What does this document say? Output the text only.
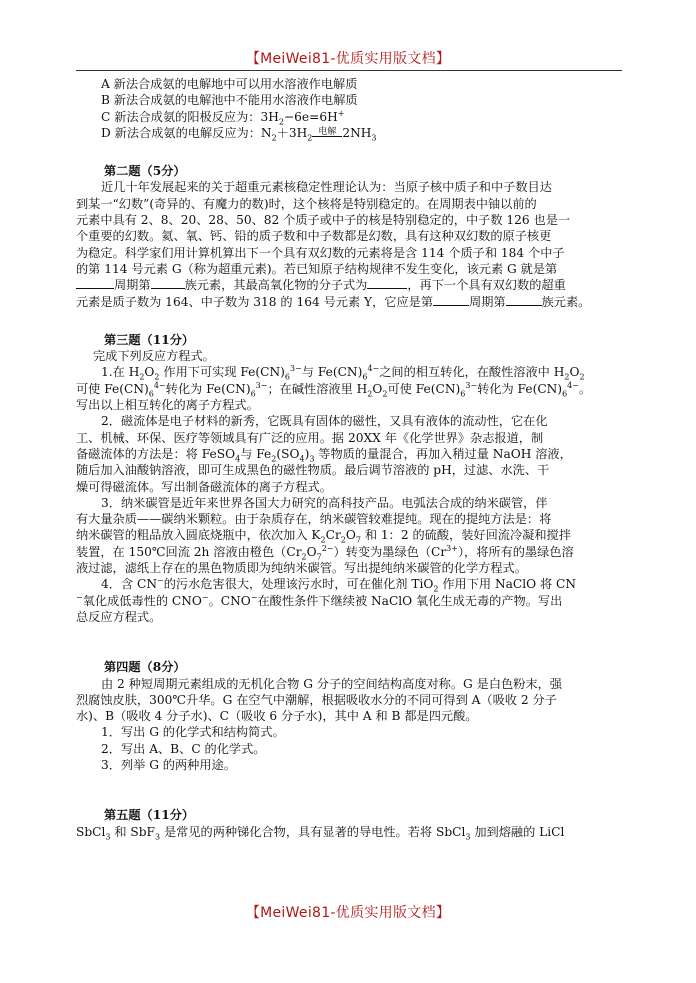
【MeiWei81-优质实用版文档】
A 新法合成氨的电解地中可以用水溶液作电解质
B 新法合成氨的电解池中不能用水溶液作电解质
C 新法合成氨的阳极反应为：$3H_2-6e=6H^+$
D 新法合成氨的电解反应为：$N_2+3H_2$
电解 $2NH_3$
第二题（5分）
近几十年发展起来的关于超重元素核稳定性理论认为：当原子核中质子和中子数目达
到某一“幻数”(奇异的、有魔力的数)时，这个核将是特别稳定的。在周期表中铀以前的
元素中具有 2、8、20、28、50、82 个质子或中子的核是特别稳定的，中子数 126 也是一
个重要的幻数。氦、氧、钙、铅的质子数和中子数都是幻数，具有这种双幻数的原子核更
为稳定。科学家们用计算机算出下一个具有双幻数的元素将是含 114 个质子和 184 个中子
的第 114 号元素 G（称为超重元素)。若已知原子结构规律不发生变化，该元素 G 就是第
周期第	族元素，其最高氧化物的分子式为	，再下一个具有双幻数的超重
元素是质子数为 164、中子数为 318 的 164 号元素 Y，它应是第	周期第	族元素。
第三题（11分）
完成下列反应方程式。
1.在 $H_2O_2$ 作用下可实现 $Fe(CN)_6^{3-}$与 $Fe(CN)_6^{4-}$之间的相互转化，在酸性溶液中 $H_2O_2$
可使 $Fe(CN)_6^{4-}$转化为 $Fe(CN)_6^{3-}$；在碱性溶液里 $H_2O_2$可使 $Fe(CN)_6^{3-}$转化为 $Fe(CN)_6^{4-}$。
写出以上相互转化的离子方程式。
2．磁流体是电子材料的新秀，它既具有固体的磁性，又具有液体的流动性，它在化
工、机械、环保、医疗等领域具有广泛的应用。据 20XX 年《化学世界》杂志报道，制
备磁流体的方法是：将 FeSO$_4$与 $Fe_2(SO_4)_3$ 等物质的量混合，再加入稍过量 NaOH 溶液，
随后加入油酸钠溶液，即可生成黑色的磁性物质。最后调节溶液的 pH，过滤、水洗、干
燥可得磁流体。写出制备磁流体的离子方程式。
3．纳米碳管是近年来世界各国大力研究的高科技产品。电弧法合成的纳米碳管，伴
有大量杂质——碳纳米颗粒。由于杂质存在，纳米碳管较难提纯。现在的提纯方法是：将
纳米碳管的粗品放入圆底烧瓶中，依次加入 $K_2Cr_2O_7$ 和 1：2 的硫酸，装好回流冷凝和搅拌
装置，在 150℃回流 2h 溶液由橙色$(Cr_2O_7^{2-})$转变为墨绿色$(Cr^{3+})$，将所有的墨绿色溶
液过滤，滤纸上存在的黑色物质即为纯纳米碳管。写出提纯纳米碳管的化学方程式。
4．含 CN−的污水危害很大，处理该污水时，可在催化剂 TiO$_2$ 作用下用 NaClO 将 CN
−氧化成低毒性的 CNO−。CNO−在酸性条件下继续被 NaClO 氧化生成无毒的产物。写出
总反应方程式。
第四题（8分）
由 2 种短周期元素组成的无机化合物 G 分子的空间结构高度对称。G 是白色粉末，强
烈腐蚀皮肤，300℃升华。G 在空气中潮解，根据吸收水分的不同可得到 A（吸收 2 分子
水)、B（吸收 4 分子水)、C（吸收 6 分子水)，其中 A 和 B 都是四元酸。
1．写出 G 的化学式和结构简式。
2．写出 A、B、C 的化学式。
3．列举 G 的两种用途。
第五题（11分）
SbCl$_3$ 和 SbF$_3$ 是常见的两种锑化合物，具有显著的导电性。若将 SbCl$_3$ 加到熔融的 LiCl
【MeiWei81-优质实用版文档】
